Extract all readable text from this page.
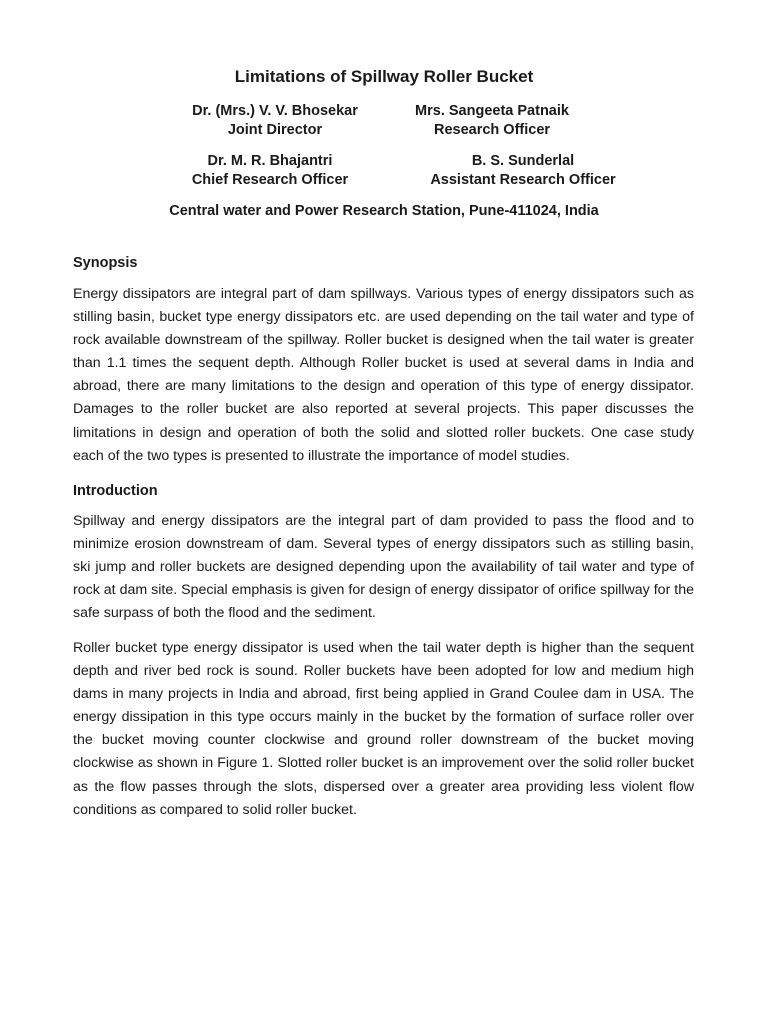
Limitations of Spillway Roller Bucket
Dr. (Mrs.) V. V. Bhosekar
Joint Director
Mrs. Sangeeta Patnaik
Research Officer
Dr. M. R. Bhajantri
Chief Research Officer
B. S. Sunderlal
Assistant Research Officer
Central water and Power Research Station, Pune-411024, India
Synopsis

Energy dissipators are integral part of dam spillways. Various types of energy dissipators such as stilling basin, bucket type energy dissipators etc. are used depending on the tail water and type of rock available downstream of the spillway. Roller bucket is designed when the tail water is greater than 1.1 times the sequent depth. Although Roller bucket is used at several dams in India and abroad, there are many limitations to the design and operation of this type of energy dissipator. Damages to the roller bucket are also reported at several projects. This paper discusses the limitations in design and operation of both the solid and slotted roller buckets. One case study each of the two types is presented to illustrate the importance of model studies.

Introduction

Spillway and energy dissipators are the integral part of dam provided to pass the flood and to minimize erosion downstream of dam. Several types of energy dissipators such as stilling basin, ski jump and roller buckets are designed depending upon the availability of tail water and type of rock at dam site. Special emphasis is given for design of energy dissipator of orifice spillway for the safe surpass of both the flood and the sediment.

Roller bucket type energy dissipator is used when the tail water depth is higher than the sequent depth and river bed rock is sound. Roller buckets have been adopted for low and medium high dams in many projects in India and abroad, first being applied in Grand Coulee dam in USA. The energy dissipation in this type occurs mainly in the bucket by the formation of surface roller over the bucket moving counter clockwise and ground roller downstream of the bucket moving clockwise as shown in Figure 1. Slotted roller bucket is an improvement over the solid roller bucket as the flow passes through the slots, dispersed over a greater area providing less violent flow conditions as compared to solid roller bucket.
